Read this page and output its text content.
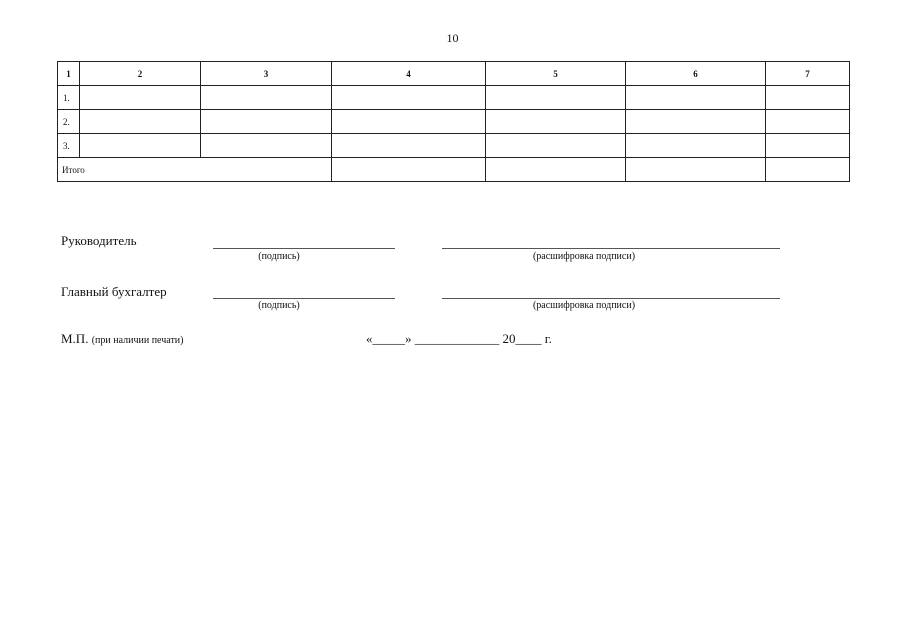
10
1	2	3	4	5	6	7
1.						
2.						
3.						
Итого						
Руководитель
(подпись)	(расшифровка подписи)
Главный бухгалтер
(подпись)	(расшифровка подписи)
М.П. (при наличии печати)	«_____» _____________ 20____ г.
